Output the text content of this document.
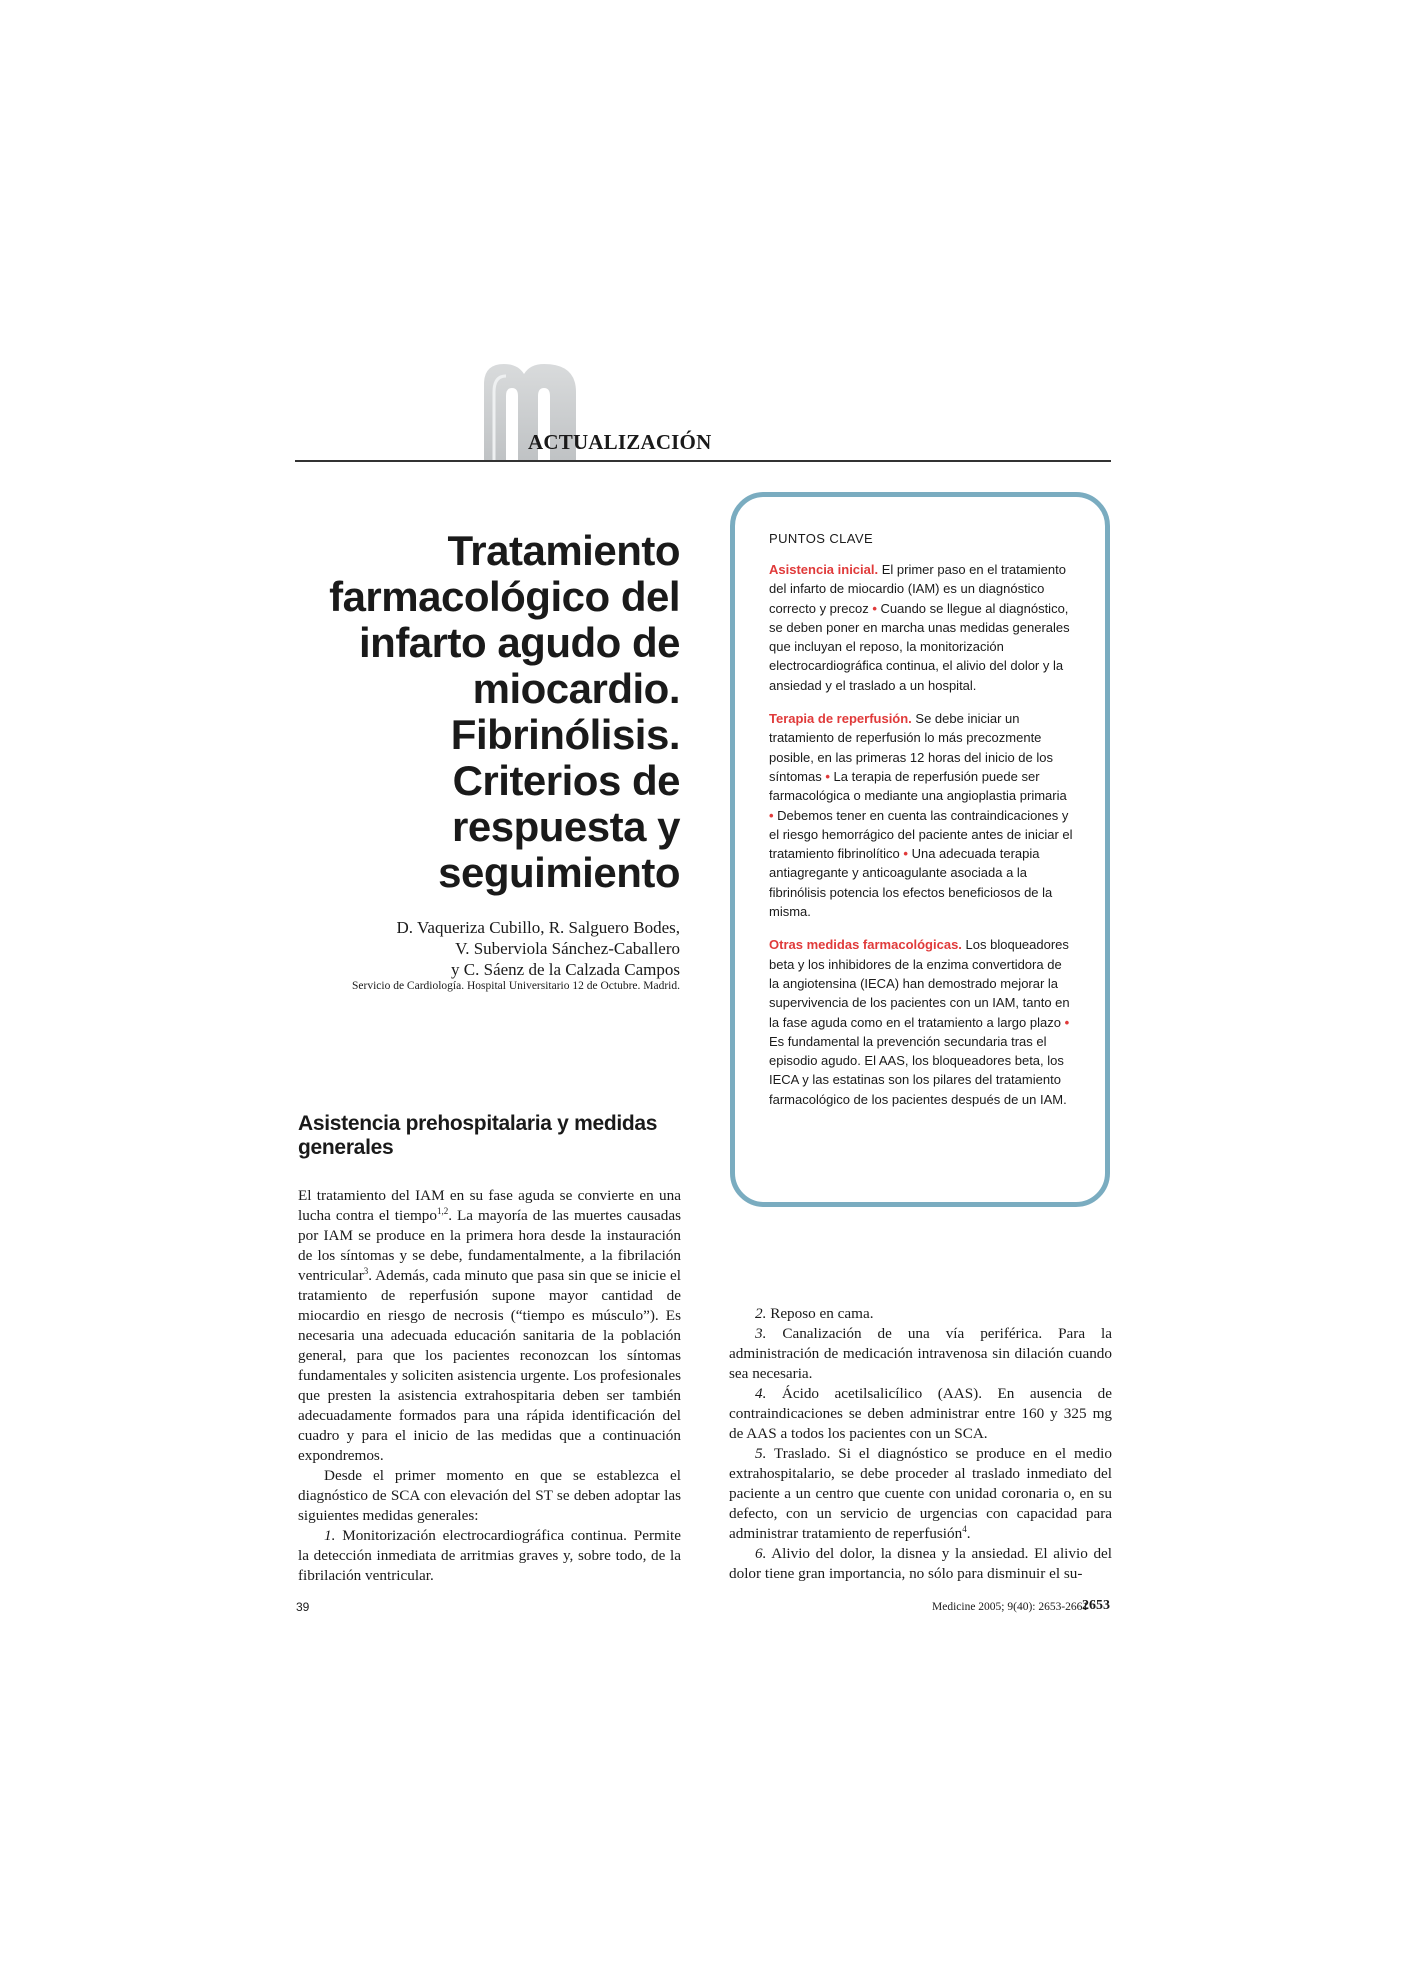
ACTUALIZACIÓN
Tratamiento farmacológico del infarto agudo de miocardio. Fibrinólisis. Criterios de respuesta y seguimiento
D. Vaqueriza Cubillo, R. Salguero Bodes,
V. Suberviola Sánchez-Caballero
y C. Sáenz de la Calzada Campos
Servicio de Cardiología. Hospital Universitario 12 de Octubre. Madrid.
PUNTOS CLAVE

Asistencia inicial. El primer paso en el tratamiento del infarto de miocardio (IAM) es un diagnóstico correcto y precoz • Cuando se llegue al diagnóstico, se deben poner en marcha unas medidas generales que incluyan el reposo, la monitorización electrocardiográfica continua, el alivio del dolor y la ansiedad y el traslado a un hospital.

Terapia de reperfusión. Se debe iniciar un tratamiento de reperfusión lo más precozmente posible, en las primeras 12 horas del inicio de los síntomas • La terapia de reperfusión puede ser farmacológica o mediante una angioplastia primaria • Debemos tener en cuenta las contraindicaciones y el riesgo hemorrágico del paciente antes de iniciar el tratamiento fibrinolítico • Una adecuada terapia antiagregante y anticoagulante asociada a la fibrinólisis potencia los efectos beneficiosos de la misma.

Otras medidas farmacológicas. Los bloqueadores beta y los inhibidores de la enzima convertidora de la angiotensina (IECA) han demostrado mejorar la supervivencia de los pacientes con un IAM, tanto en la fase aguda como en el tratamiento a largo plazo • Es fundamental la prevención secundaria tras el episodio agudo. El AAS, los bloqueadores beta, los IECA y las estatinas son los pilares del tratamiento farmacológico de los pacientes después de un IAM.

Asistencia prehospitalaria y medidas generales

El tratamiento del IAM en su fase aguda se convierte en una lucha contra el tiempo$^{1,2}$. La mayoría de las muertes causadas por IAM se produce en la primera hora desde la instauración de los síntomas y se debe, fundamentalmente, a la fibrilación ventricular$^3$. Además, cada minuto que pasa sin que se inicie el tratamiento de reperfusión supone mayor cantidad de miocardio en riesgo de necrosis (“tiempo es músculo”). Es necesaria una adecuada educación sanitaria de la población general, para que los pacientes reconozcan los síntomas fundamentales y soliciten asistencia urgente. Los profesionales que presten la asistencia extrahospitaria deben ser también adecuadamente formados para una rápida identificación del cuadro y para el inicio de las medidas que a continuación expondremos.

Desde el primer momento en que se establezca el diagnóstico de SCA con elevación del ST se deben adoptar las siguientes medidas generales:

1. Monitorización electrocardiográfica continua. Permite la detección inmediata de arritmias graves y, sobre todo, de la fibrilación ventricular.

2. Reposo en cama.

3. Canalización de una vía periférica. Para la administración de medicación intravenosa sin dilación cuando sea necesaria.

4. Ácido acetilsalicílico (AAS). En ausencia de contraindicaciones se deben administrar entre 160 y 325 mg de AAS a todos los pacientes con un SCA.

5. Traslado. Si el diagnóstico se produce en el medio extrahospitalario, se debe proceder al traslado inmediato del paciente a un centro que cuente con unidad coronaria o, en su defecto, con un servicio de urgencias con capacidad para administrar tratamiento de reperfusión$^4$.

6. Alivio del dolor, la disnea y la ansiedad. El alivio del dolor tiene gran importancia, no sólo para disminuir el su-

39	Medicine 2005; 9(40): 2653-2661
2653
